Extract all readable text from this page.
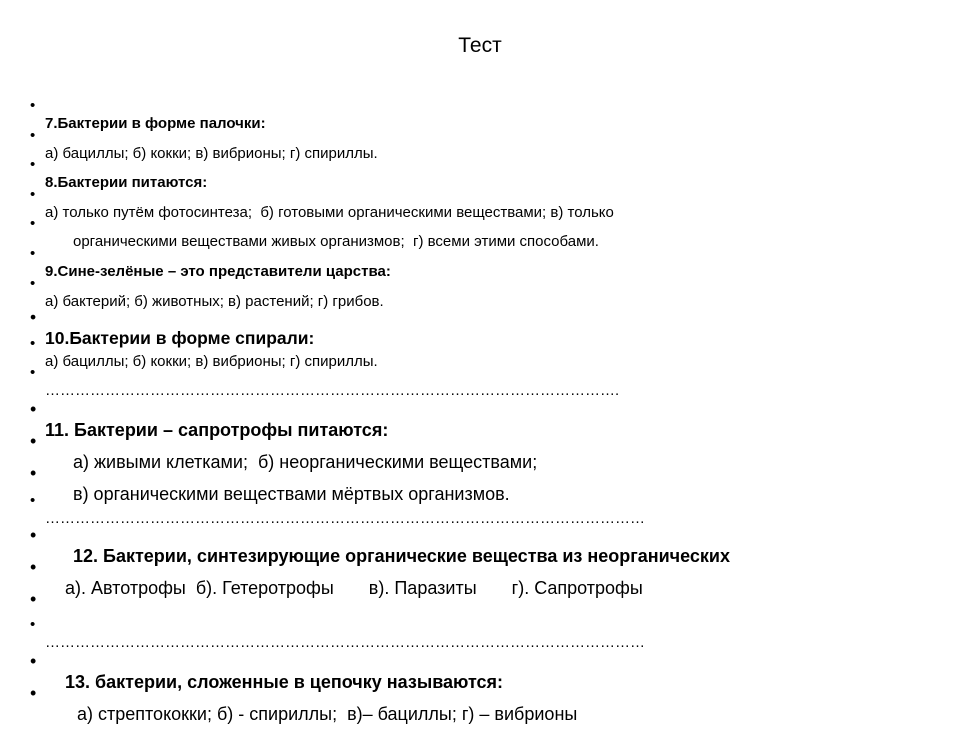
Тест

•

7.Бактерии в форме палочки:

•

а) бациллы; б) кокки; в) вибрионы; г) спириллы.

•

8.Бактерии питаются:

•

а) только путём фотосинтеза;  б) готовыми органическими веществами; в) только

•

органическими веществами живых организмов;  г) всеми этими способами.

•

9.Сине-зелёные – это представители царства:

•

а) бактерий; б) животных; в) растений; г) грибов.

•

10.Бактерии в форме спирали:

•

а) бациллы; б) кокки; в) вибрионы; г) спириллы.

•

…………………………………………………………………………………………………….

•

11. Бактерии – сапротрофы питаются:

•

а) живыми клетками;  б) неорганическими веществами;

•

в) органическими веществами мёртвых организмов.

•

…………………………………………………………………………………………………………

•

12. Бактерии, синтезирующие органические вещества из неорганических

•

а). Автотрофы  б). Гетеротрофы       в). Паразиты       г). Сапротрофы

•

•

…………………………………………………………………………………………………………

•

13. бактерии, сложенные в цепочку называются:

•

а) стрептококки; б) - спириллы;  в)– бациллы; г) – вибрионы
